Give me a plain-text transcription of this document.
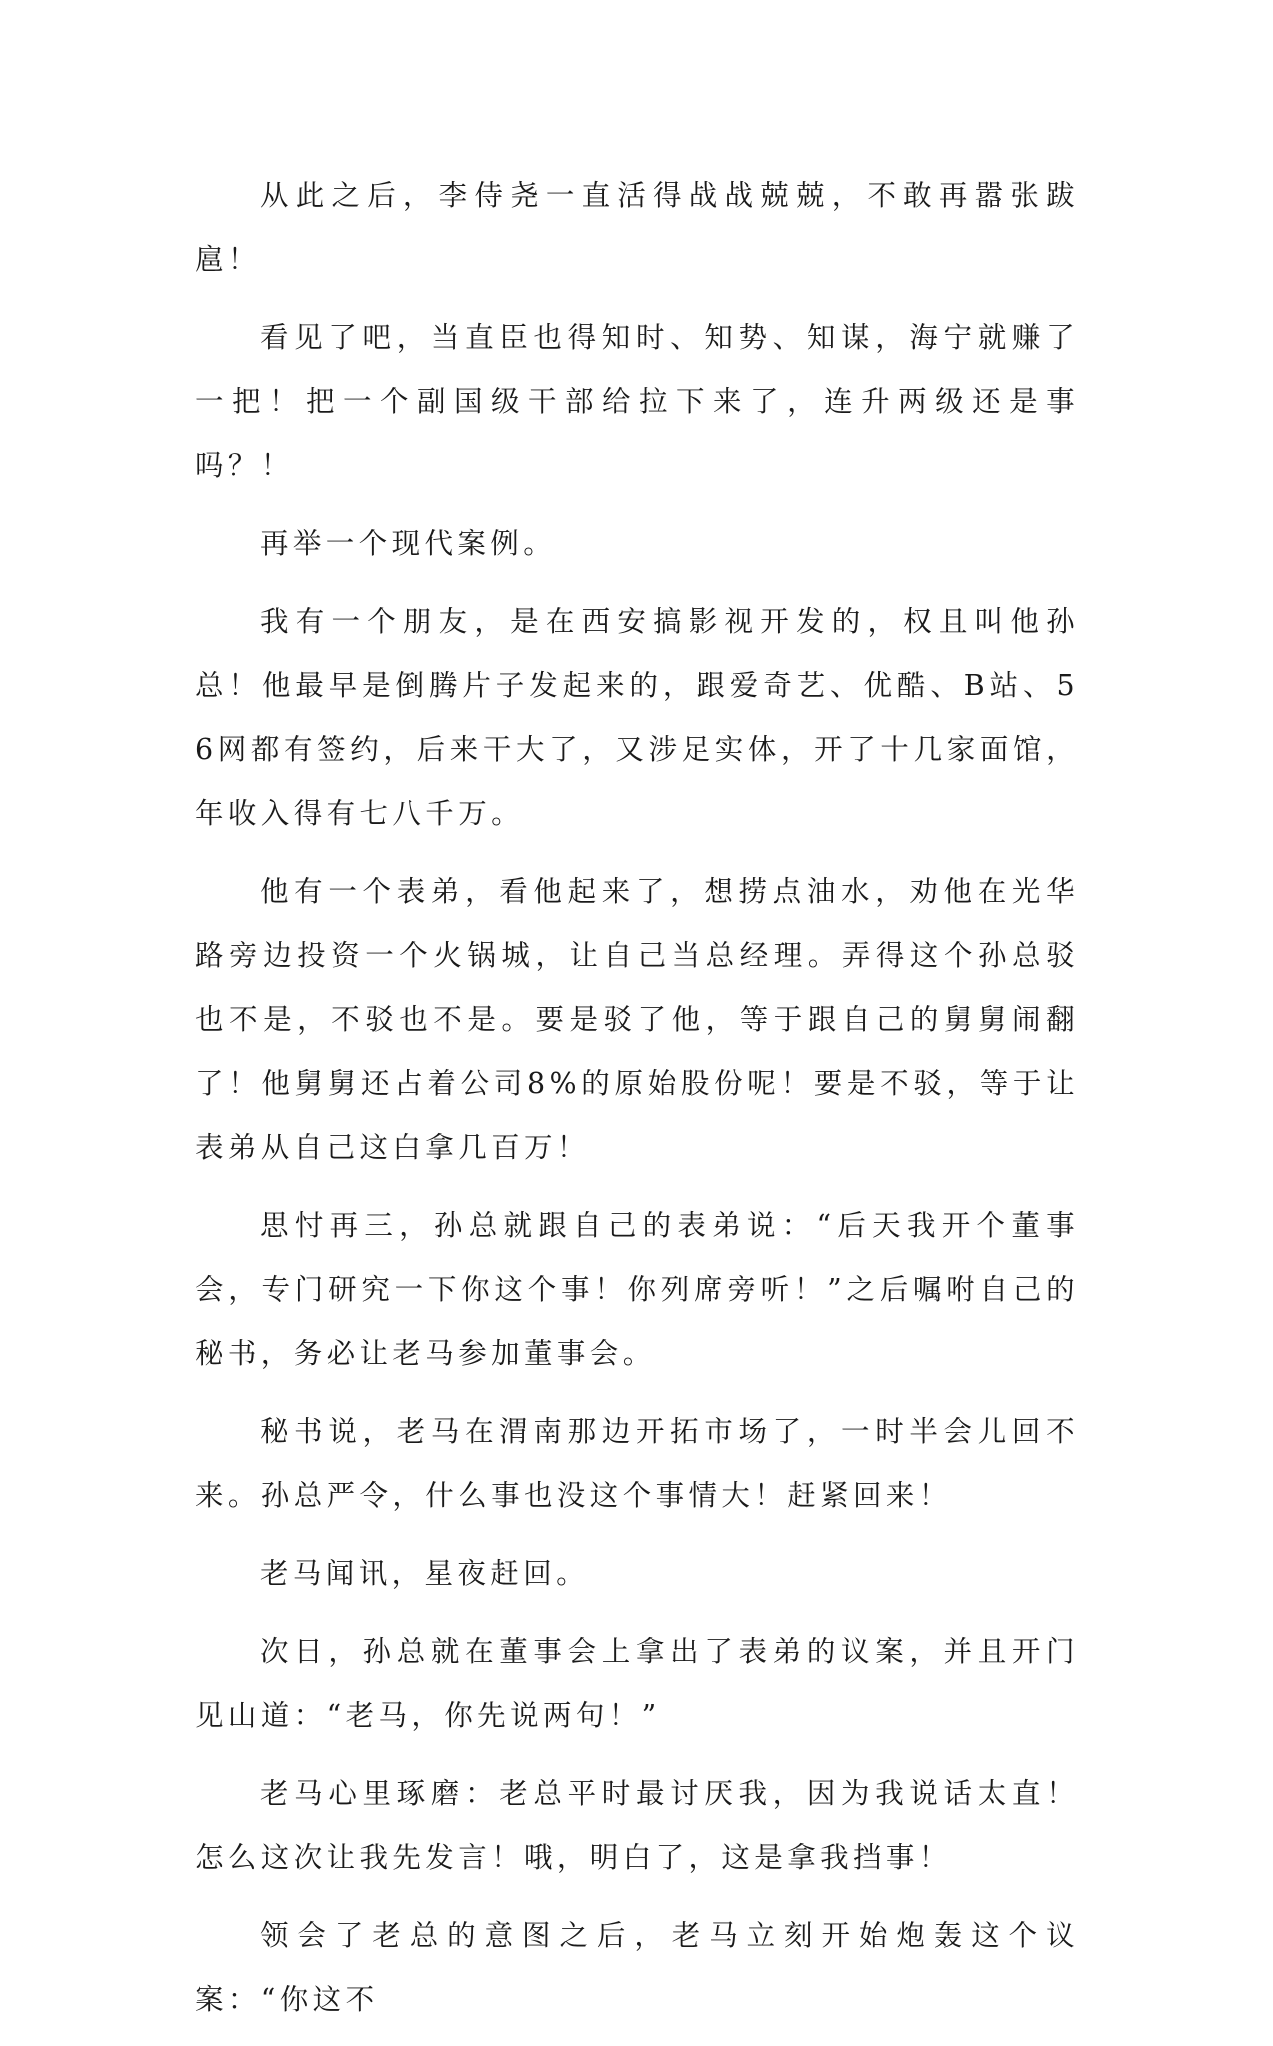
从此之后，李侍尧一直活得战战兢兢，不敢再嚣张跋扈！

看见了吧，当直臣也得知时、知势、知谋，海宁就赚了一把！把一个副国级干部给拉下来了，连升两级还是事吗？！

再举一个现代案例。

我有一个朋友，是在西安搞影视开发的，权且叫他孙总！他最早是倒腾片子发起来的，跟爱奇艺、优酷、B站、56网都有签约，后来干大了，又涉足实体，开了十几家面馆，年收入得有七八千万。

他有一个表弟，看他起来了，想捞点油水，劝他在光华路旁边投资一个火锅城，让自己当总经理。弄得这个孙总驳也不是，不驳也不是。要是驳了他，等于跟自己的舅舅闹翻了！他舅舅还占着公司8%的原始股份呢！要是不驳，等于让表弟从自己这白拿几百万！

思忖再三，孙总就跟自己的表弟说：“后天我开个董事会，专门研究一下你这个事！你列席旁听！”之后嘱咐自己的秘书，务必让老马参加董事会。

秘书说，老马在渭南那边开拓市场了，一时半会儿回不来。孙总严令，什么事也没这个事情大！赶紧回来！

老马闻讯，星夜赶回。

次日，孙总就在董事会上拿出了表弟的议案，并且开门见山道：“老马，你先说两句！”

老马心里琢磨：老总平时最讨厌我，因为我说话太直！怎么这次让我先发言！哦，明白了，这是拿我挡事！

领会了老总的意图之后，老马立刻开始炮轰这个议案：“你这不
